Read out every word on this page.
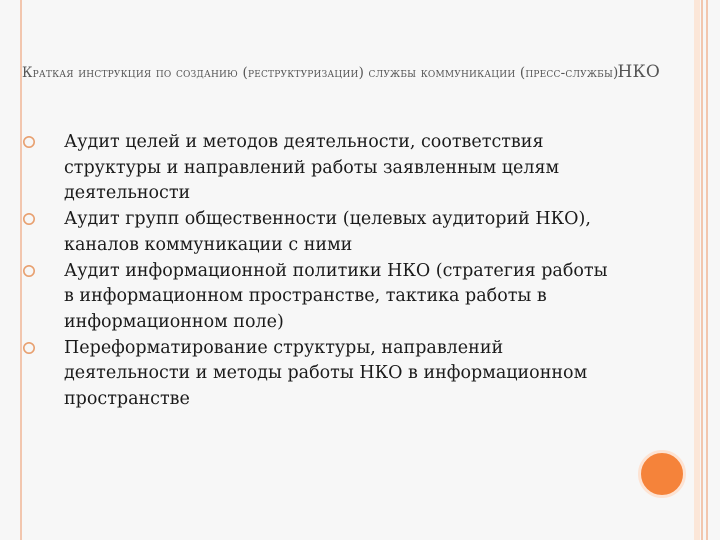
Краткая инструкция по созданию (реструктуризации) службы коммуникации (пресс-службы)НКО
Аудит целей и методов деятельности, соответствия структуры и направлений работы заявленным целям деятельности
Аудит групп общественности (целевых аудиторий НКО), каналов коммуникации с ними
Аудит информационной политики НКО (стратегия работы в информационном пространстве, тактика работы в информационном поле)
Переформатирование структуры, направлений деятельности и методы работы НКО в информационном пространстве
